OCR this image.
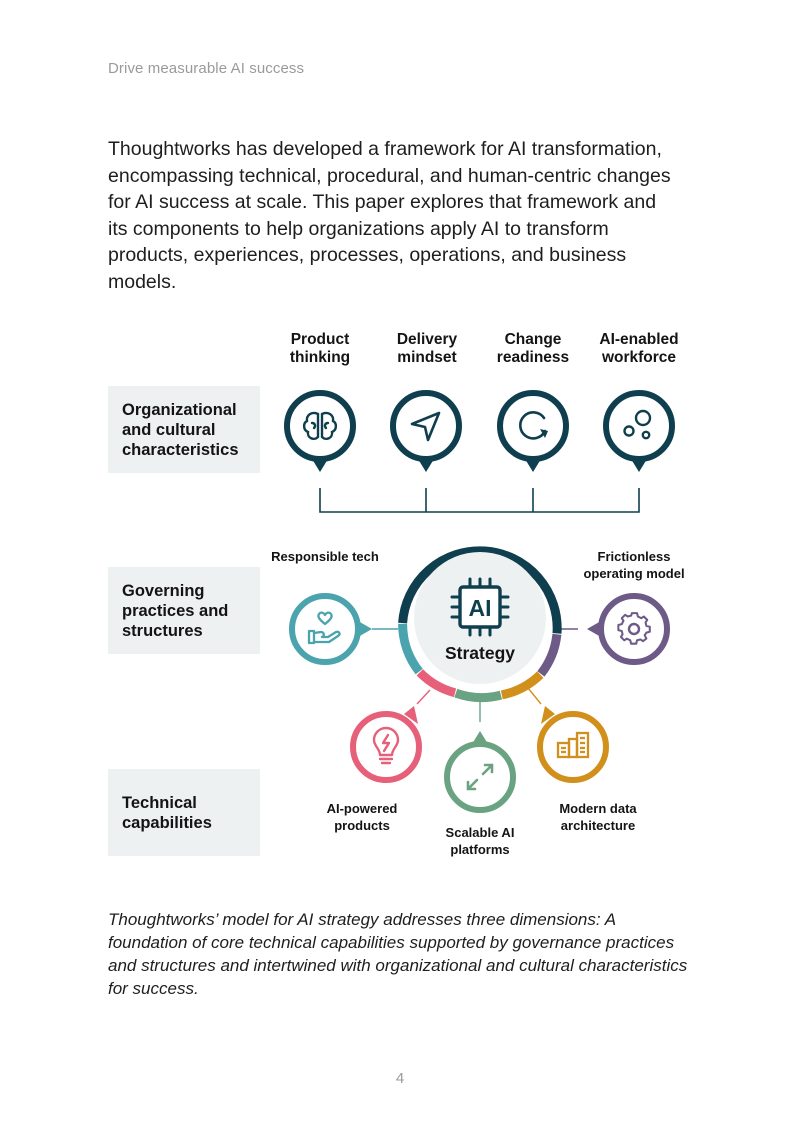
Drive measurable AI success

Thoughtworks has developed a framework for AI transformation, encompassing technical, procedural, and human-centric changes for AI success at scale. This paper explores that framework and its components to help organizations apply AI to transform products, experiences, processes, operations, and business models.

Organizational and cultural characteristics
Governing practices and structures
Technical capabilities
Product thinking
Delivery mindset
Change readiness
AI-enabled workforce
Responsible tech	Frictionless operating model
AI-powered products	Scalable AI platforms
Modern data architecture
AI
Strategy

Thoughtworks’ model for AI strategy addresses three dimensions: A foundation of core technical capabilities supported by governance practices and structures and intertwined with organizational and cultural characteristics for success.

4
